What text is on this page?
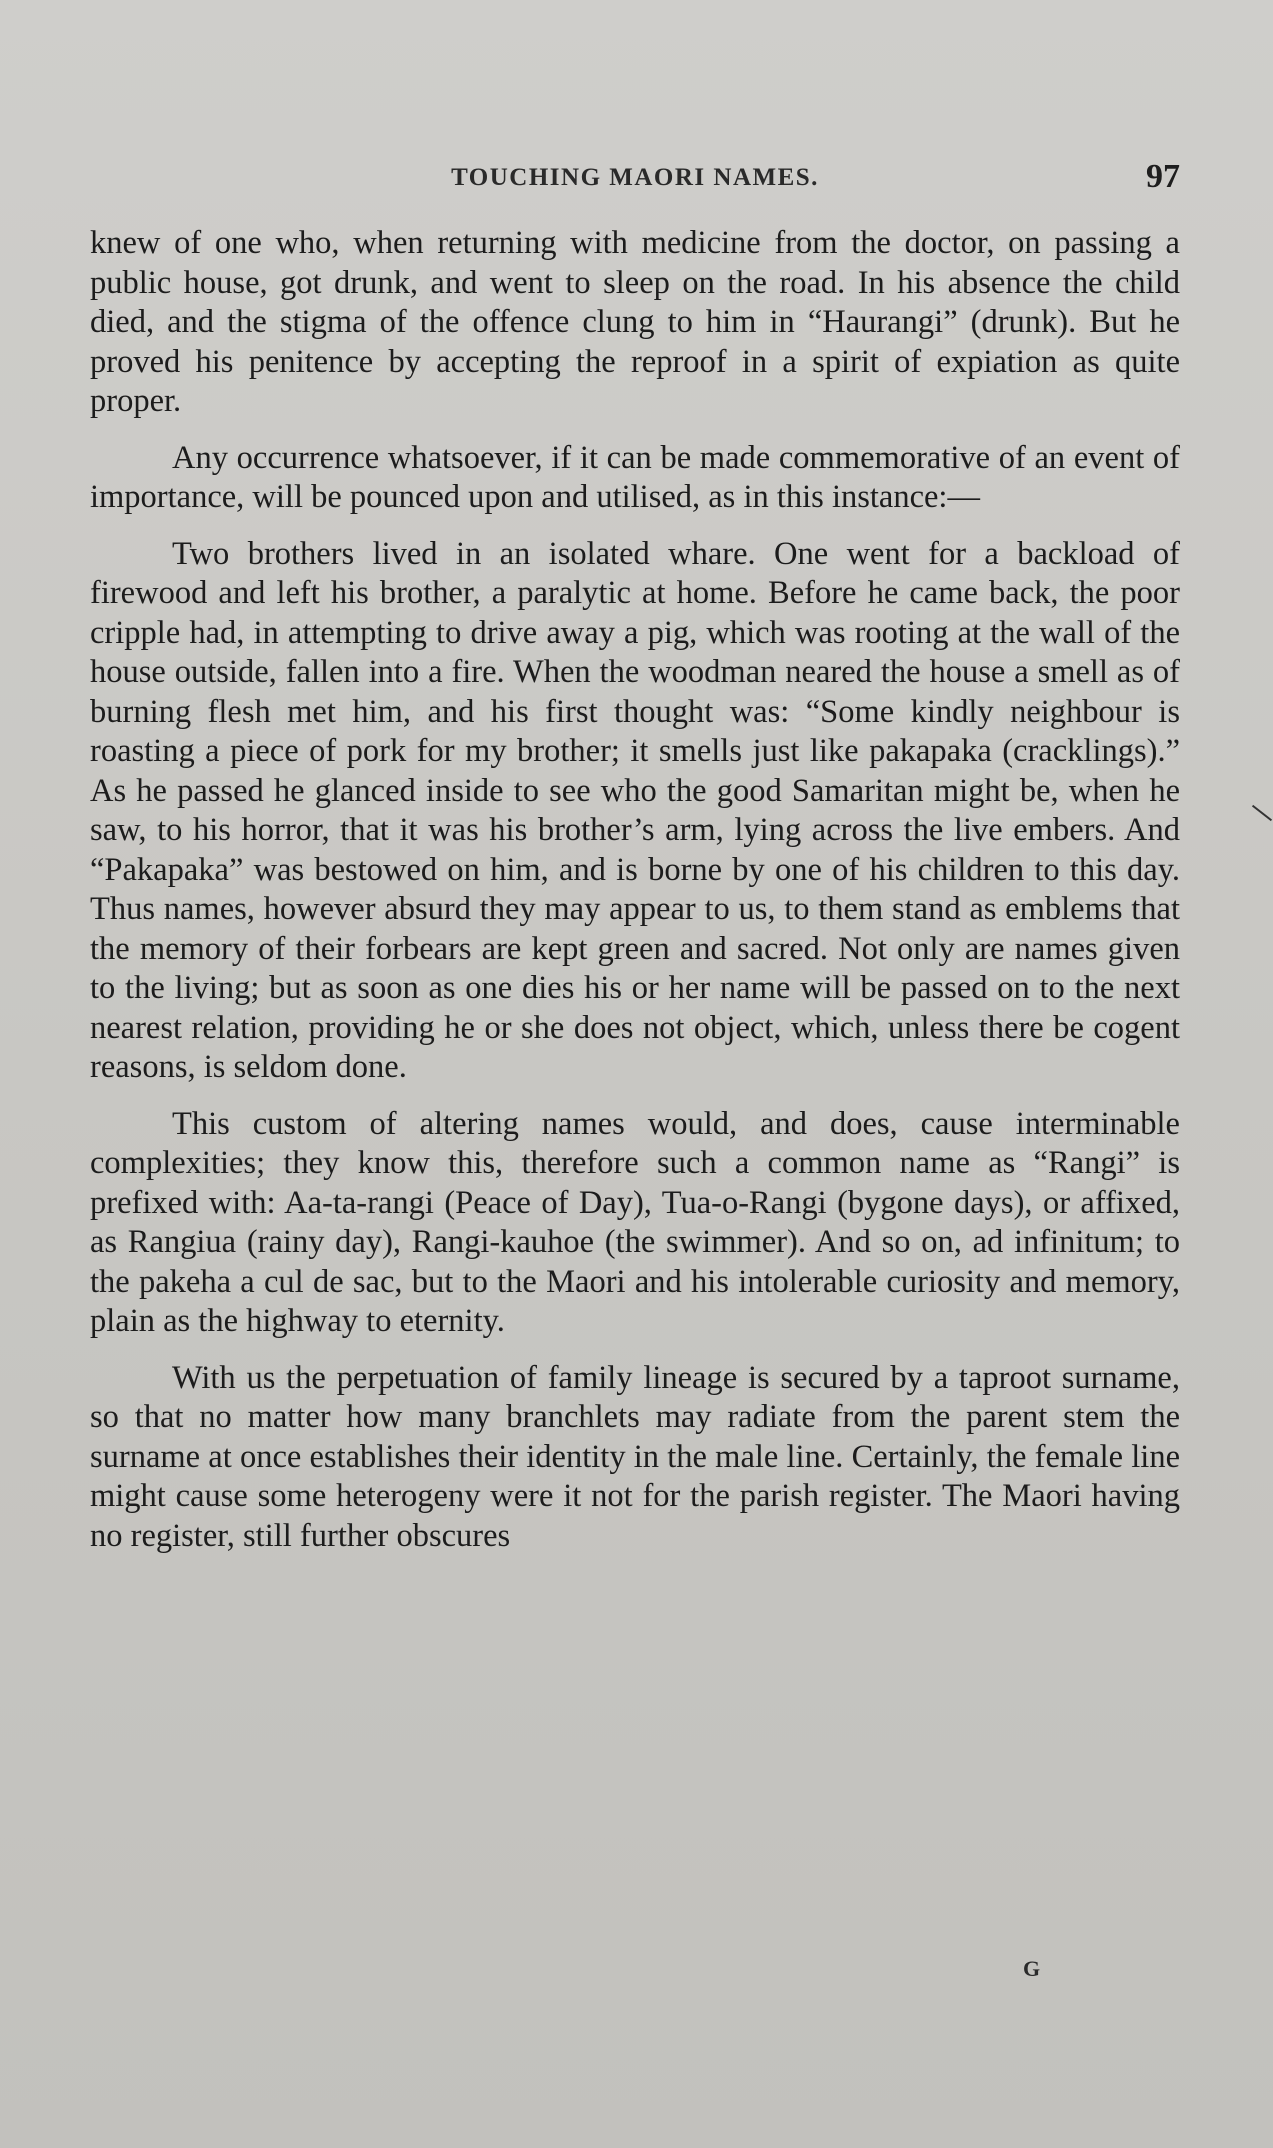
TOUCHING MAORI NAMES.	97

knew of one who, when returning with medicine from the doctor, on passing a public house, got drunk, and went to sleep on the road. In his absence the child died, and the stigma of the offence clung to him in “Haurangi” (drunk). But he proved his penitence by accepting the reproof in a spirit of expiation as quite proper.

Any occurrence whatsoever, if it can be made commemorative of an event of importance, will be pounced upon and utilised, as in this instance:—

Two brothers lived in an isolated whare. One went for a backload of firewood and left his brother, a paralytic at home. Before he came back, the poor cripple had, in attempting to drive away a pig, which was rooting at the wall of the house outside, fallen into a fire. When the woodman neared the house a smell as of burning flesh met him, and his first thought was: “Some kindly neighbour is roasting a piece of pork for my brother; it smells just like pakapaka (cracklings).” As he passed he glanced inside to see who the good Samaritan might be, when he saw, to his horror, that it was his brother’s arm, lying across the live embers. And “Pakapaka” was bestowed on him, and is borne by one of his children to this day. Thus names, however absurd they may appear to us, to them stand as emblems that the memory of their forbears are kept green and sacred. Not only are names given to the living; but as soon as one dies his or her name will be passed on to the next nearest relation, providing he or she does not object, which, unless there be cogent reasons, is seldom done.

This custom of altering names would, and does, cause interminable complexities; they know this, therefore such a common name as “Rangi” is prefixed with: Aa-ta-rangi (Peace of Day), Tua-o-Rangi (bygone days), or affixed, as Rangiua (rainy day), Rangi-kauhoe (the swimmer). And so on, ad infinitum; to the pakeha a cul de sac, but to the Maori and his intolerable curiosity and memory, plain as the highway to eternity.

With us the perpetuation of family lineage is secured by a taproot surname, so that no matter how many branchlets may radiate from the parent stem the surname at once establishes their identity in the male line. Certainly, the female line might cause some heterogeny were it not for the parish register. The Maori having no register, still further obscures

G
